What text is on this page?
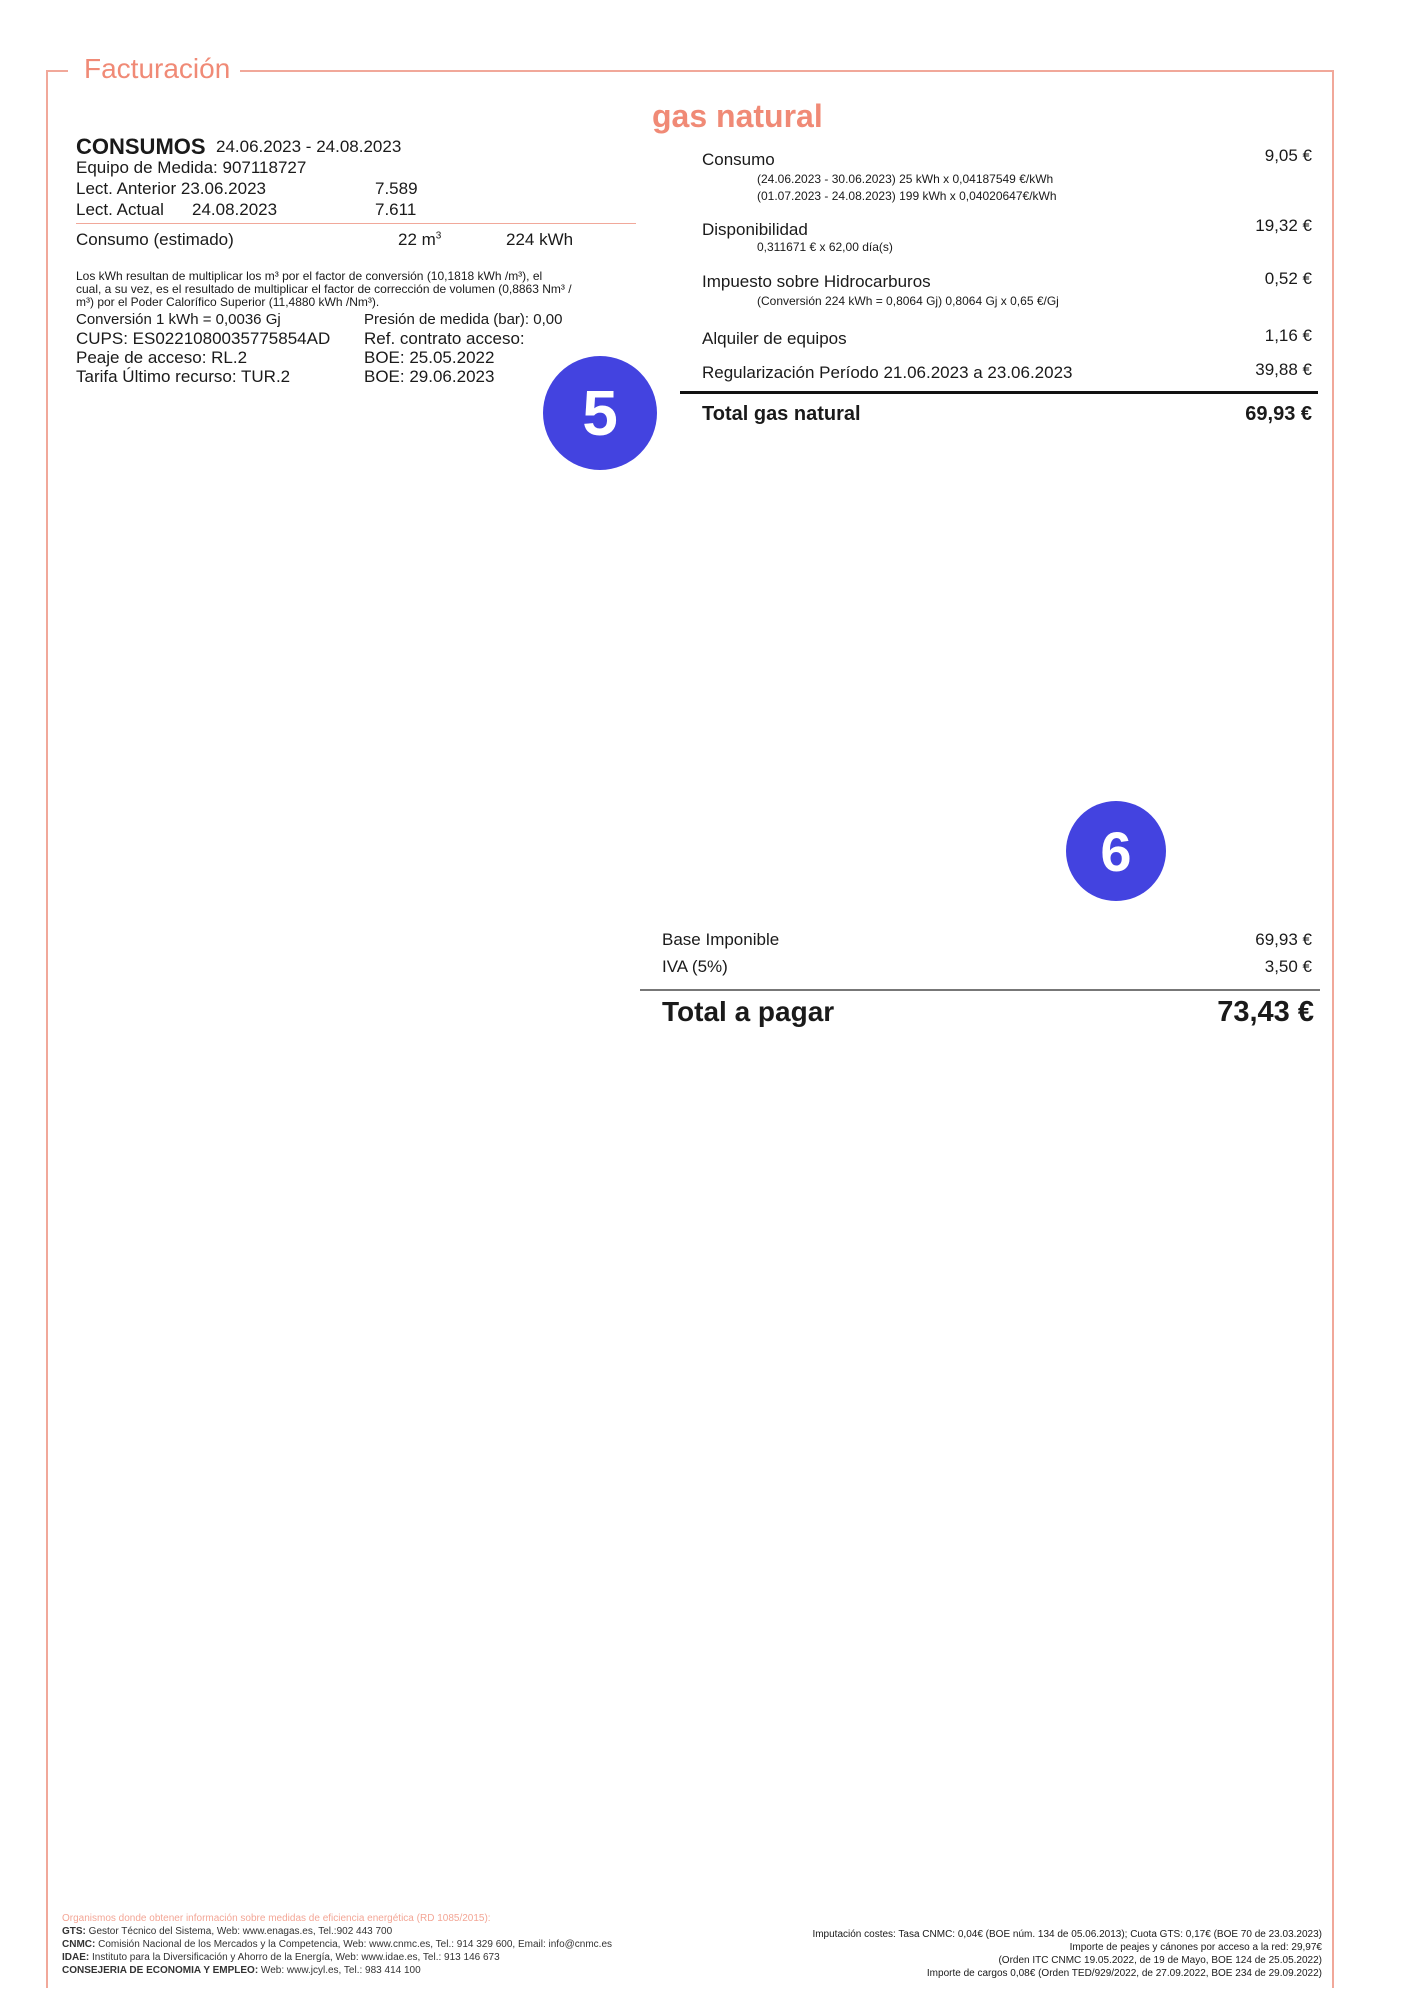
Facturación
gas natural
CONSUMOS 24.06.2023 - 24.08.2023
Equipo de Medida: 907118727
Lect. Anterior 23.06.2023	7.589
Lect. Actual 24.08.2023	7.611
Consumo (estimado)	22 $m^3$	224 kWh
Los kWh resultan de multiplicar los m³ por el factor de conversión (10,1818 kWh /m³), el
cual, a su vez, es el resultado de multiplicar el factor de corrección de volumen (0,8863 Nm³ /
m³) por el Poder Calorífico Superior (11,4880 kWh /Nm³).
Conversión 1 kWh = 0,0036 Gj	Presión de medida (bar): 0,00
CUPS: ES0221080035775854AD Ref. contrato acceso:
Peaje de acceso: RL.2	BOE: 25.05.2022
Tarifa Último recurso: TUR.2	BOE: 29.06.2023
Consumo
(24.06.2023 - 30.06.2023) 25 kWh x 0,04187549 €/kWh
(01.07.2023 - 24.08.2023) 199 kWh x 0,04020647€/kWh
9,05 €
Disponibilidad
0,311671 € x 62,00 día(s)
19,32 €
Impuesto sobre Hidrocarburos
(Conversión 224 kWh = 0,8064 Gj) 0,8064 Gj x 0,65 €/Gj
0,52 €
Alquiler de equipos	1,16 €
Regularización Período 21.06.2023 a 23.06.2023	39,88 €
Total gas natural	69,93 €
5
6
Base Imponible	69,93 €
IVA (5%)	3,50 €
Total a pagar	73,43 €
Organismos donde obtener información sobre medidas de eficiencia energética (RD 1085/2015):
GTS: Gestor Técnico del Sistema, Web: www.enagas.es, Tel.:902 443 700
CNMC: Comisión Nacional de los Mercados y la Competencia, Web: www.cnmc.es, Tel.: 914 329 600, Email: info@cnmc.es
IDAE: Instituto para la Diversificación y Ahorro de la Energía, Web: www.idae.es, Tel.: 913 146 673
CONSEJERIA DE ECONOMIA Y EMPLEO: Web: www.jcyl.es, Tel.: 983 414 100
Imputación costes: Tasa CNMC: 0,04€ (BOE núm. 134 de 05.06.2013); Cuota GTS: 0,17€ (BOE 70 de 23.03.2023)
Importe de peajes y cánones por acceso a la red: 29,97€
(Orden ITC CNMC 19.05.2022, de 19 de Mayo, BOE 124 de 25.05.2022)
Importe de cargos 0,08€ (Orden TED/929/2022, de 27.09.2022, BOE 234 de 29.09.2022)
